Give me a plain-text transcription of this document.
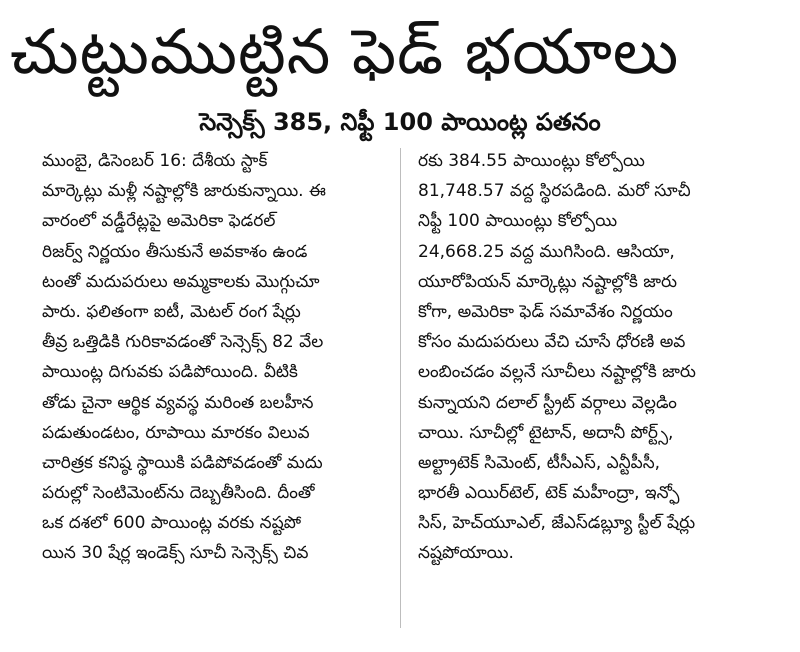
చుట్టుముట్టిన ఫెడ్ భయాలు
సెన్సెక్స్ 385, నిఫ్టీ 100 పాయింట్ల పతనం
ముంబై, డిసెంబర్ 16: దేశీయ స్టాక్
మార్కెట్లు మళ్లీ నష్టాల్లోకి జారుకున్నాయి. ఈ
వారంలో వడ్డీరేట్లపై అమెరికా ఫెడరల్
రిజర్వ్ నిర్ణయం తీసుకునే అవకాశం ఉండ
టంతో మదుపరులు అమ్మకాలకు మొగ్గుచూ
పారు. ఫలితంగా ఐటీ, మెటల్ రంగ షేర్లు
తీవ్ర ఒత్తిడికి గురికావడంతో సెన్సెక్స్ 82 వేల
పాయింట్ల దిగువకు పడిపోయింది. వీటికి
తోడు చైనా ఆర్థిక వ్యవస్థ మరింత బలహీన
పడుతుండటం, రూపాయి మారకం విలువ
చారిత్రక కనిష్ఠ స్థాయికి పడిపోవడంతో మదు
పరుల్లో సెంటిమెంట్‌ను దెబ్బతీసింది. దీంతో
ఒక దశలో 600 పాయింట్ల వరకు నష్టపో
యిన 30 షేర్ల ఇండెక్స్ సూచీ సెన్సెక్స్ చివ
రకు 384.55 పాయింట్లు కోల్పోయి
81,748.57 వద్ద స్థిరపడింది. మరో సూచీ
నిఫ్టీ 100 పాయింట్లు కోల్పోయి
24,668.25 వద్ద ముగిసింది. ఆసియా,
యూరోపియన్ మార్కెట్లు నష్టాల్లోకి జారు
కోగా, అమెరికా ఫెడ్ సమావేశం నిర్ణయం
కోసం మదుపరులు వేచి చూసే ధోరణి అవ
లంబించడం వల్లనే సూచీలు నష్టాల్లోకి జారు
కున్నాయని దలాల్ స్ట్రీట్ వర్గాలు వెల్లడిం
చాయి. సూచీల్లో టైటాన్, అదానీ పోర్ట్స్,
అల్ట్రాటెక్ సిమెంట్, టీసీఎస్, ఎన్టీపీసీ,
భారతీ ఎయిర్‌టెల్, టెక్ మహీంద్రా, ఇన్ఫో
సిస్, హెచ్‌యూఎల్, జేఎస్‌డబ్ల్యూ స్టీల్ షేర్లు
నష్టపోయాయి.
